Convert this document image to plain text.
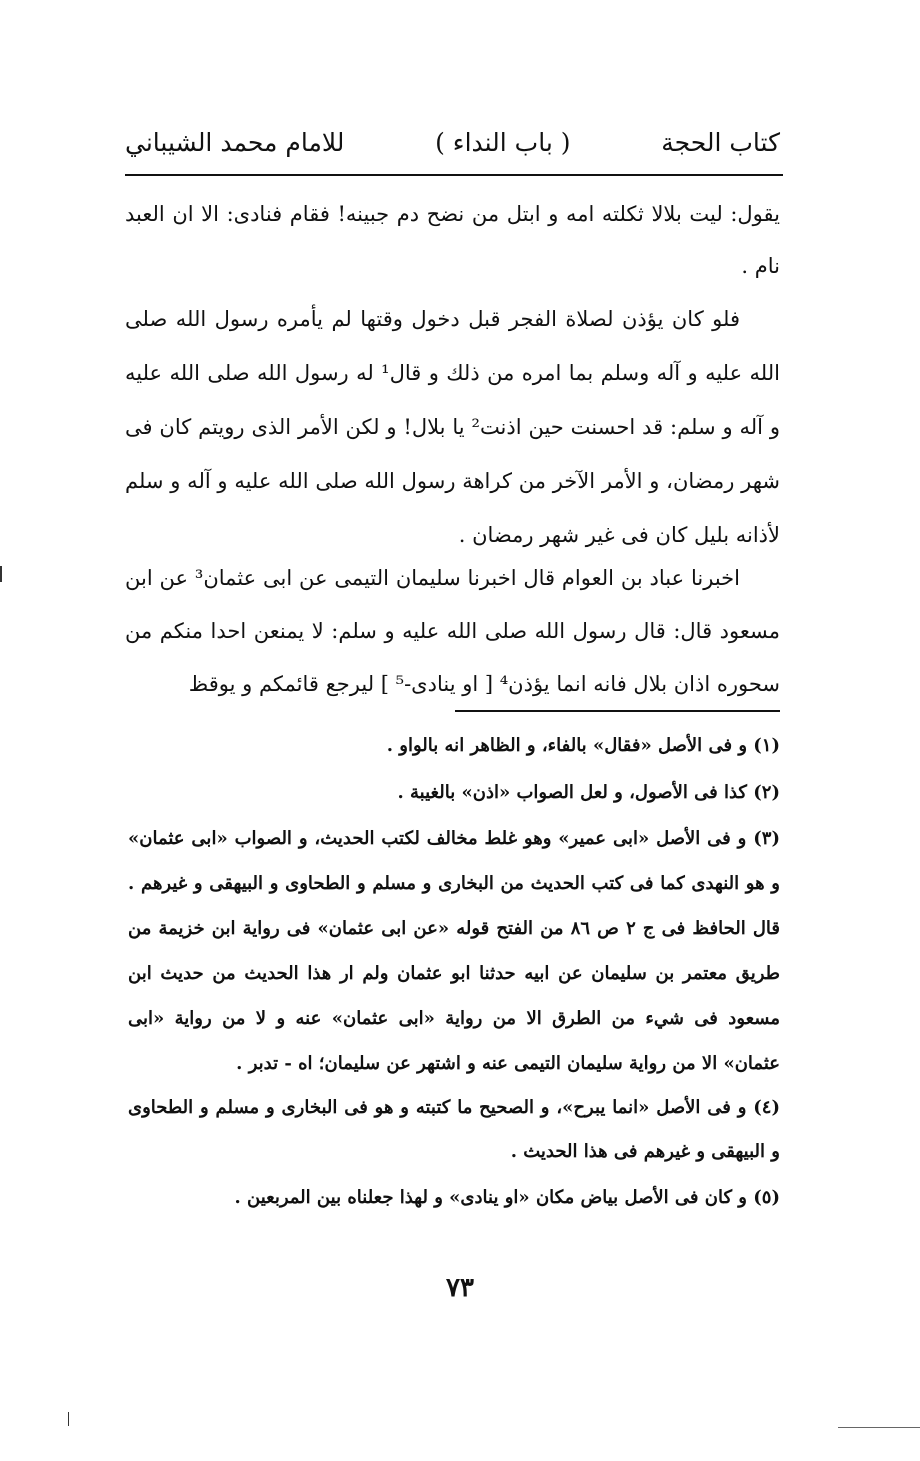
كتاب الحجة
( باب النداء )
للامام محمد الشيباني

يقول: ليت بلالا ثكلته امه و ابتل من نضح دم جبينه! فقام فنادى: الا ان العبد نام .

فلو كان يؤذن لصلاة الفجر قبل دخول وقتها لم يأمره رسول الله صلى الله عليه و آله وسلم بما امره من ذلك و قال¹ له رسول الله صلى الله عليه و آله و سلم: قد احسنت حين اذنت² يا بلال! و لكن الأمر الذى رويتم كان فى شهر رمضان، و الأمر الآخر من كراهة رسول الله صلى الله عليه و آله و سلم لأذانه بليل كان فى غير شهر رمضان .

اخبرنا عباد بن العوام قال اخبرنا سليمان التيمى عن ابى عثمان³ عن ابن مسعود قال: قال رسول الله صلى الله عليه و سلم: لا يمنعن احدا منكم من سحوره اذان بلال فانه انما يؤذن⁴ [ او ينادى-⁵ ] ليرجع قائمكم و يوقظ

(١) و فى الأصل «فقال» بالفاء، و الظاهر انه بالواو .

(٢) كذا فى الأصول، و لعل الصواب «اذن» بالغيبة .

(٣) و فى الأصل «ابى عمير» وهو غلط مخالف لكتب الحديث، و الصواب «ابى عثمان» و هو النهدى كما فى كتب الحديث من البخارى و مسلم و الطحاوى و البيهقى و غيرهم . قال الحافظ فى ج ٢ ص ٨٦ من الفتح قوله «عن ابى عثمان» فى رواية ابن خزيمة من طريق معتمر بن سليمان عن ابيه حدثنا ابو عثمان ولم ار هذا الحديث من حديث ابن مسعود فى شيء من الطرق الا من رواية «ابى عثمان» عنه و لا من رواية «ابى عثمان» الا من رواية سليمان التيمى عنه و اشتهر عن سليمان؛ اه - تدبر .

(٤) و فى الأصل «انما يبرح»، و الصحيح ما كتبته و هو فى البخارى و مسلم و الطحاوى و البيهقى و غيرهم فى هذا الحديث .

(٥) و كان فى الأصل بياض مكان «او ينادى» و لهذا جعلناه بين المربعين .

٧٣
